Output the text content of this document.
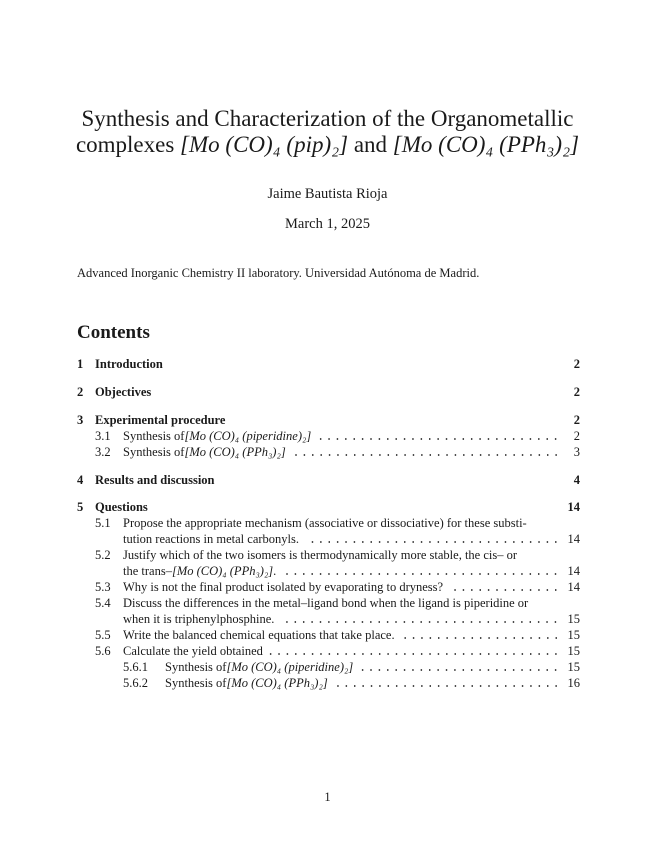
Synthesis and Characterization of the Organometallic
complexes [Mo (CO)₄ (pip)₂] and [Mo (CO)₄ (PPh₃)₂]
Jaime Bautista Rioja
March 1, 2025
Advanced Inorganic Chemistry II laboratory. Universidad Autónoma de Madrid.
Contents
1 Introduction	2
2 Objectives	2
3 Experimental procedure	2
3.1 Synthesis of [Mo (CO)₄ (piperidine)₂]	2
3.2 Synthesis of [Mo (CO)₄ (PPh₃)₂]	3
4 Results and discussion	4
5 Questions	14
5.1 Propose the appropriate mechanism (associative or dissociative) for these substi-
tution reactions in metal carbonyls.	14
5.2 Justify which of the two isomers is thermodynamically more stable, the cis– or
the trans– [Mo (CO)₄ (PPh₃)₂] .	14
5.3 Why is not the final product isolated by evaporating to dryness?	14
5.4 Discuss the differences in the metal–ligand bond when the ligand is piperidine or
when it is triphenylphosphine.	15
5.5 Write the balanced chemical equations that take place.	15
5.6 Calculate the yield obtained	15
5.6.1	Synthesis of [Mo (CO)₄ (piperidine)₂]	15
5.6.2	Synthesis of [Mo (CO)₄ (PPh₃)₂]	16
1
